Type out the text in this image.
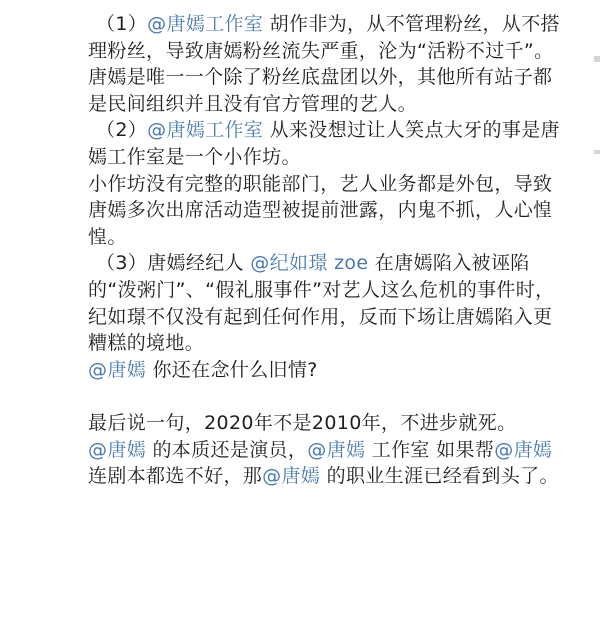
（1）@唐嫣工作室 胡作非为，从不管理粉丝，从不搭理粉丝，导致唐嫣粉丝流失严重，沦为“活粉不过千”。

唐嫣是唯一一个除了粉丝底盘团以外，其他所有站子都是民间组织并且没有官方管理的艺人。

（2）@唐嫣工作室 从来没想过让人笑点大牙的事是唐嫣工作室是一个小作坊。

小作坊没有完整的职能部门，艺人业务都是外包，导致唐嫣多次出席活动造型被提前泄露，内鬼不抓，人心惶惶。

（3）唐嫣经纪人 @纪如璟 zoe 在唐嫣陷入被诬陷的“泼粥门”、“假礼服事件”对艺人这么危机的事件时，纪如璟不仅没有起到任何作用，反而下场让唐嫣陷入更糟糕的境地。

@唐嫣 你还在念什么旧情?

最后说一句，2020年不是2010年，不进步就死。

@唐嫣 的本质还是演员，@唐嫣 工作室 如果帮@唐嫣 连剧本都选不好，那@唐嫣 的职业生涯已经看到头了。
